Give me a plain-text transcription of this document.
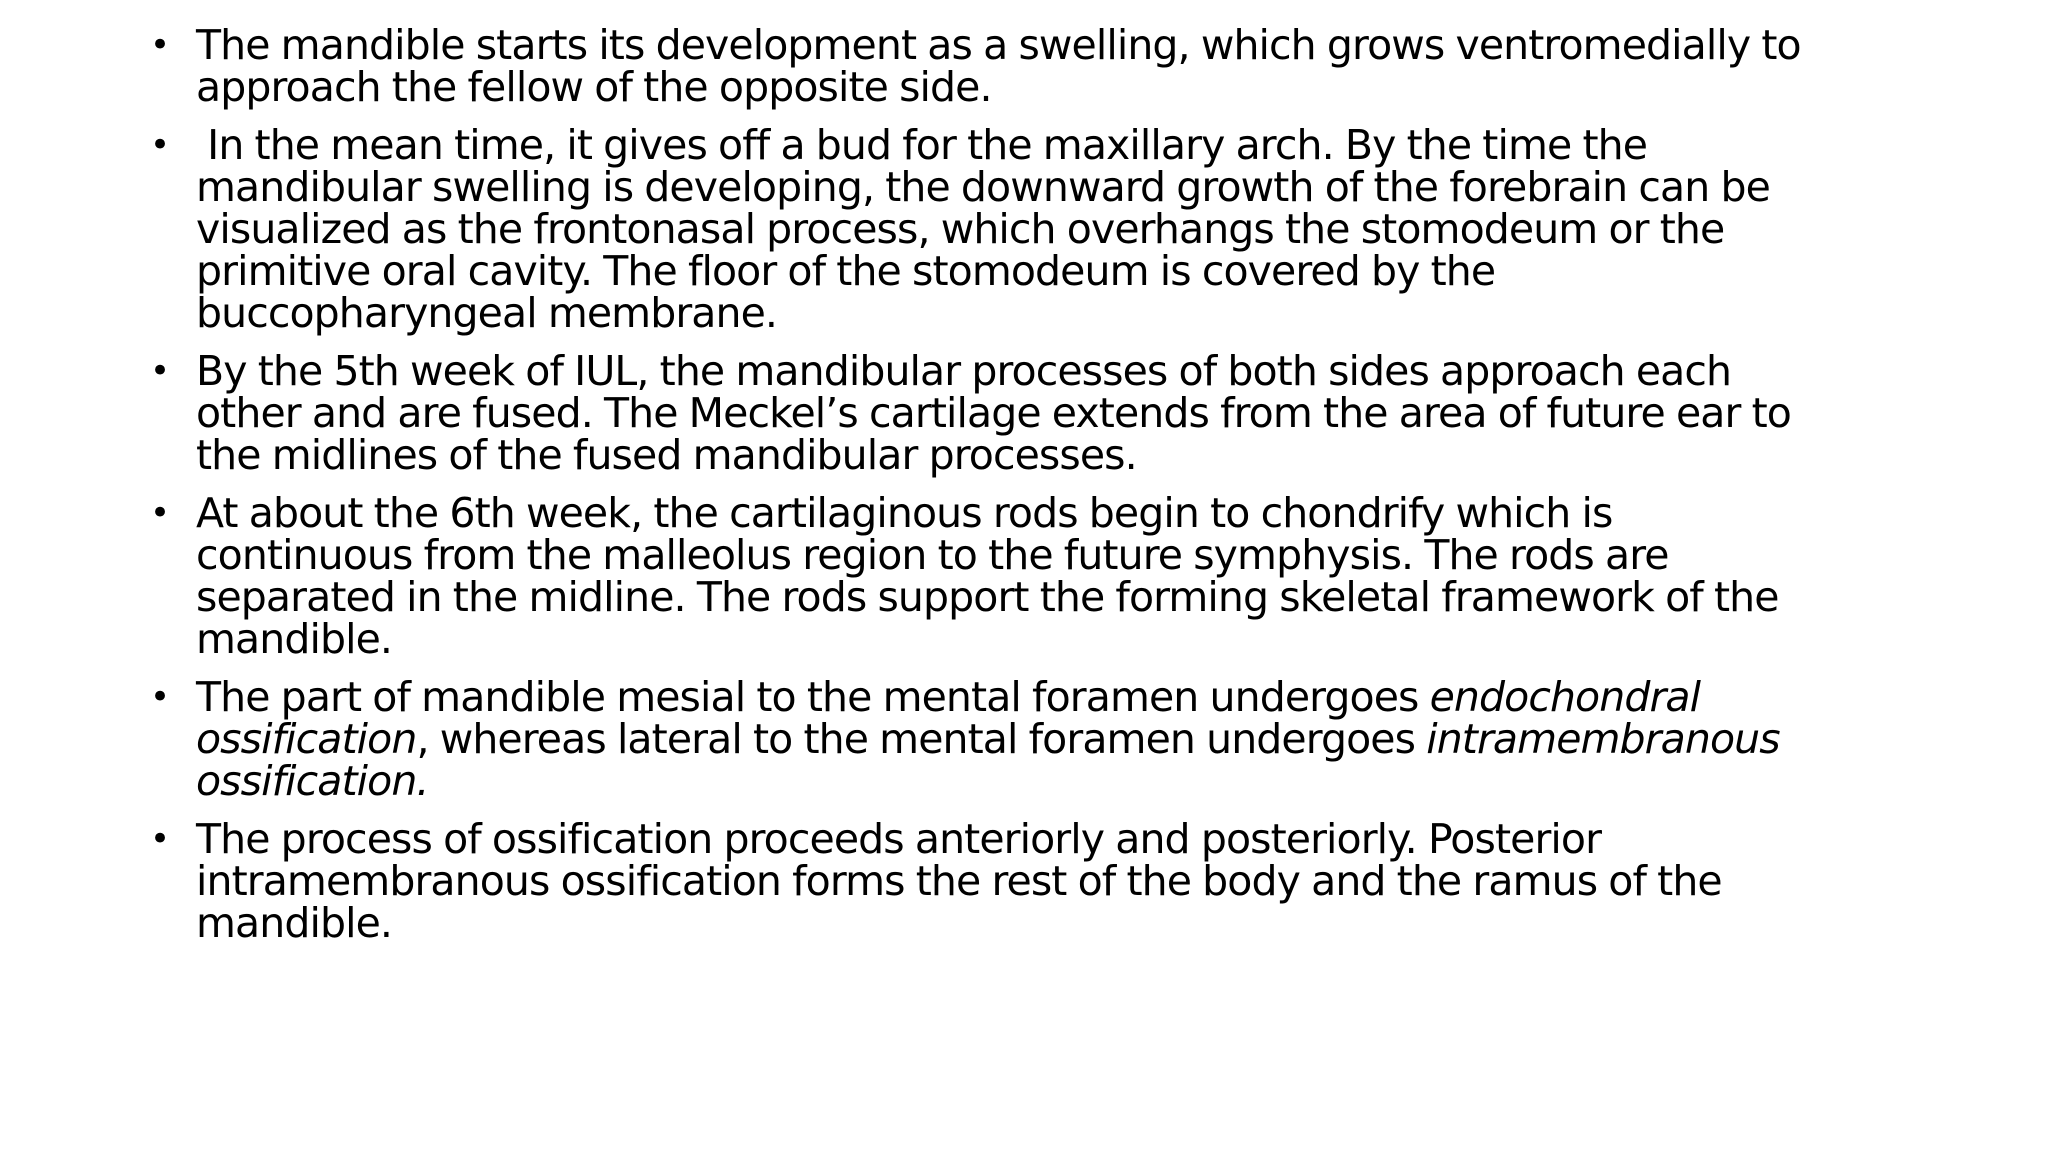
• The mandible starts its development as a swelling, which grows ventromedially to
approach the fellow of the opposite side.
• In the mean time, it gives off a bud for the maxillary arch. By the time the
mandibular swelling is developing, the downward growth of the forebrain can be
visualized as the frontonasal process, which overhangs the stomodeum or the
primitive oral cavity. The floor of the stomodeum is covered by the
buccopharyngeal membrane.
• By the 5th week of IUL, the mandibular processes of both sides approach each
other and are fused. The Meckel’s cartilage extends from the area of future ear to
the midlines of the fused mandibular processes.
• At about the 6th week, the cartilaginous rods begin to chondrify which is
continuous from the malleolus region to the future symphysis. The rods are
separated in the midline. The rods support the forming skeletal framework of the
mandible.
• The part of mandible mesial to the mental foramen undergoes endochondral
ossification, whereas lateral to the mental foramen undergoes intramembranous
ossification.
• The process of ossification proceeds anteriorly and posteriorly. Posterior
intramembranous ossification forms the rest of the body and the ramus of the
mandible.
